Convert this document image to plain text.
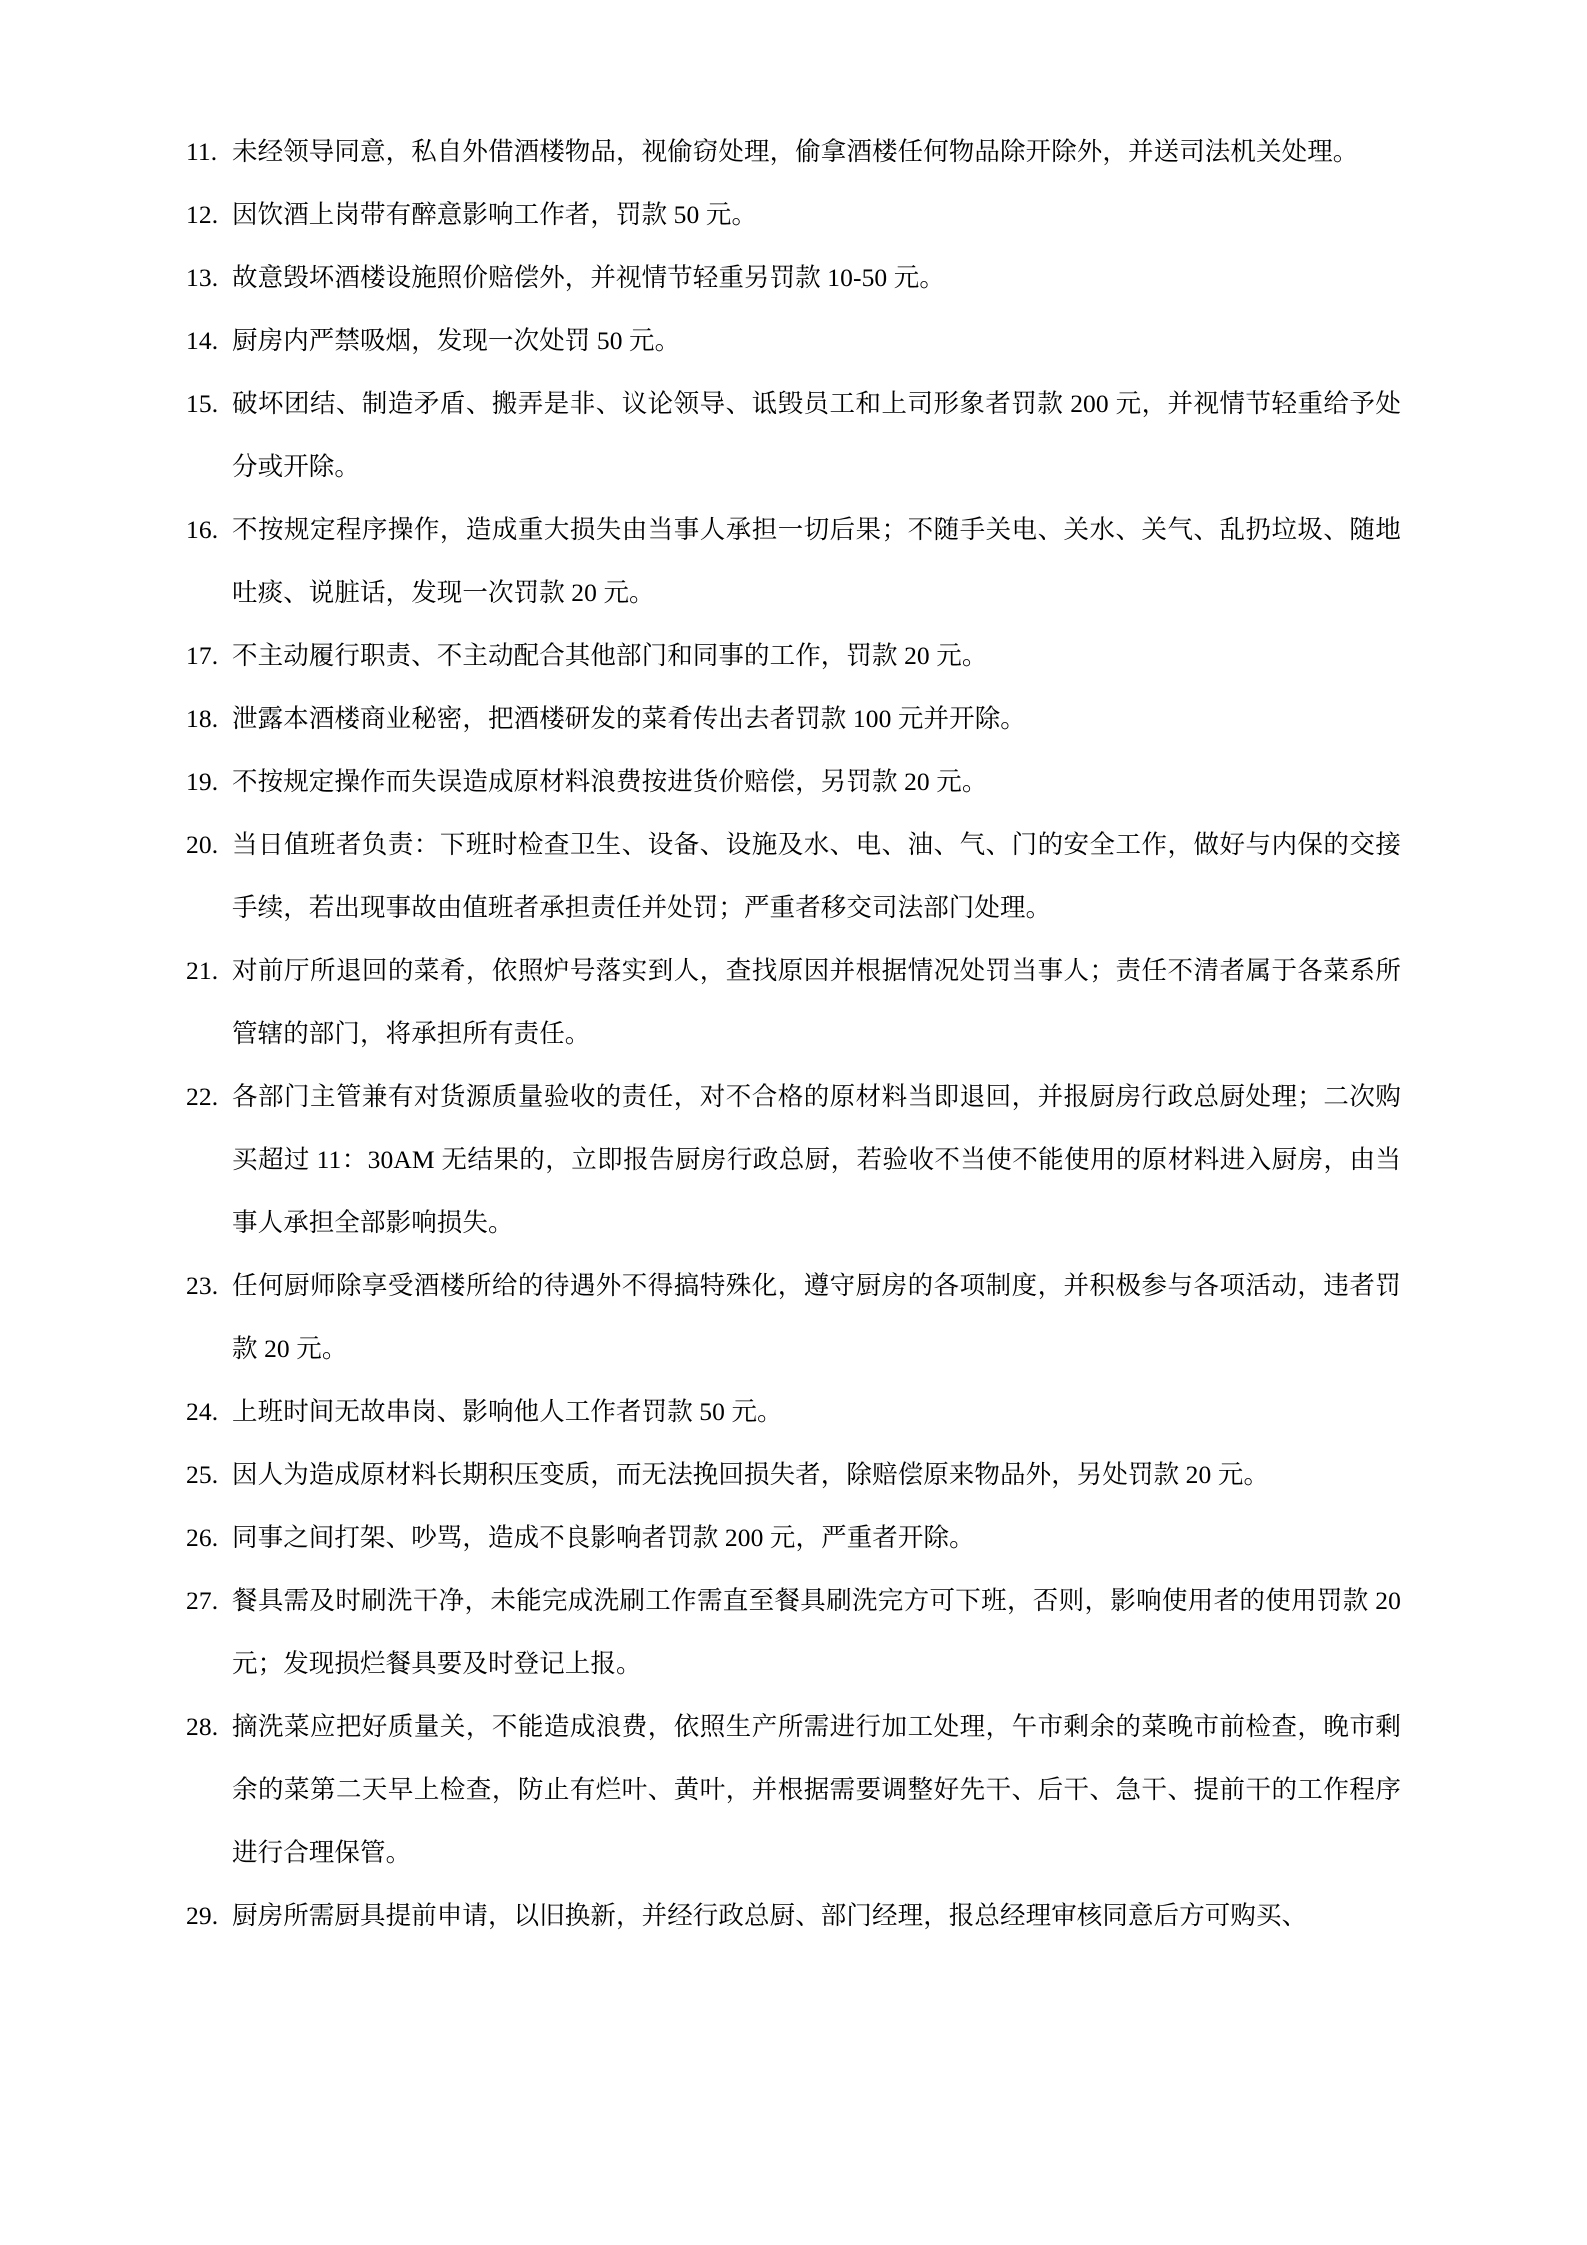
11. 未经领导同意，私自外借酒楼物品，视偷窃处理，偷拿酒楼任何物品除开除外，并送司法机关处理。
12. 因饮酒上岗带有醉意影响工作者，罚款 50 元。
13. 故意毁坏酒楼设施照价赔偿外，并视情节轻重另罚款 10-50 元。
14. 厨房内严禁吸烟，发现一次处罚 50 元。
15. 破坏团结、制造矛盾、搬弄是非、议论领导、诋毁员工和上司形象者罚款 200 元，并视情节轻重给予处分或开除。
16. 不按规定程序操作，造成重大损失由当事人承担一切后果；不随手关电、关水、关气、乱扔垃圾、随地吐痰、说脏话，发现一次罚款 20 元。
17. 不主动履行职责、不主动配合其他部门和同事的工作，罚款 20 元。
18. 泄露本酒楼商业秘密，把酒楼研发的菜肴传出去者罚款 100 元并开除。
19. 不按规定操作而失误造成原材料浪费按进货价赔偿，另罚款 20 元。
20. 当日值班者负责：下班时检查卫生、设备、设施及水、电、油、气、门的安全工作，做好与内保的交接手续，若出现事故由值班者承担责任并处罚；严重者移交司法部门处理。
21. 对前厅所退回的菜肴，依照炉号落实到人，查找原因并根据情况处罚当事人；责任不清者属于各菜系所管辖的部门，将承担所有责任。
22. 各部门主管兼有对货源质量验收的责任，对不合格的原材料当即退回，并报厨房行政总厨处理；二次购买超过 11：30AM 无结果的，立即报告厨房行政总厨，若验收不当使不能使用的原材料进入厨房，由当事人承担全部影响损失。
23. 任何厨师除享受酒楼所给的待遇外不得搞特殊化，遵守厨房的各项制度，并积极参与各项活动，违者罚款 20 元。
24. 上班时间无故串岗、影响他人工作者罚款 50 元。
25. 因人为造成原材料长期积压变质，而无法挽回损失者，除赔偿原来物品外，另处罚款 20 元。
26. 同事之间打架、吵骂，造成不良影响者罚款 200 元，严重者开除。
27. 餐具需及时刷洗干净，未能完成洗刷工作需直至餐具刷洗完方可下班，否则，影响使用者的使用罚款 20 元；发现损烂餐具要及时登记上报。
28. 摘洗菜应把好质量关，不能造成浪费，依照生产所需进行加工处理，午市剩余的菜晚市前检查，晚市剩余的菜第二天早上检查，防止有烂叶、黄叶，并根据需要调整好先干、后干、急干、提前干的工作程序进行合理保管。
29. 厨房所需厨具提前申请，以旧换新，并经行政总厨、部门经理，报总经理审核同意后方可购买、
